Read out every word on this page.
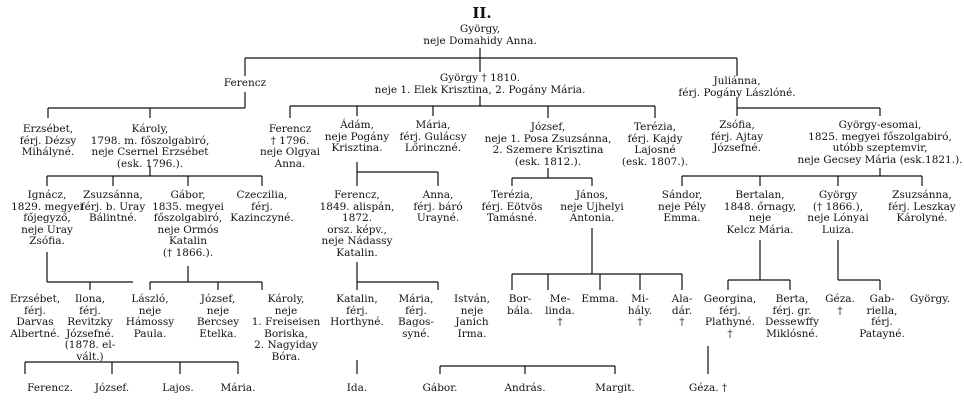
II.
György,
neje Domahidy Anna.
Ferencz	György † 1810.
neje 1. Elek Krisztina, 2. Pogány Mária.
Juliánna,
férj. Pogány Lászlóné.
Erzsébet,
férj. Dézsy
Mihályné.
Károly,
1798. m. főszolgabiró,
neje Csernel Erzsébet
(esk. 1796.).
Ferencz
† 1796.
neje Olgyai
Anna.
Ádám,
neje Pogány
Krisztina.
Mária,
férj. Gulácsy
Lőrinczné.
József,
neje 1. Posa Zsuzsánna,
2. Szemere Krisztina
(esk. 1812.).
Terézia,
férj. Kajdy
Lajosné
(esk. 1807.).
Zsófia,
férj. Ajtay
Józsefné.
György-esomai,
1825. megyei főszolgabiró,
utóbb szeptemvir,
neje Gecsey Mária (esk.1821.).
Ignácz,
1829. megyei
főjegyző,
neje Uray
Zsófia.
Zsuzsánna,
férj. b. Uray
Bálintné.
Gábor,
1835. megyei
főszolgabiró,
neje Ormós
Katalin
(† 1866.).
Czeczilia,
férj.
Kazinczyné.
Ferencz,
1849. alispán,
1872.
orsz. képv.,
neje Nádassy
Katalin.
Anna,
férj. báró
Urayné.
Terézia,
férj. Eötvös
Tamásné.
János,
neje Ujhelyi
Antonia.
Sándor,
neje Pély
Emma.
Bertalan,
1848. őrnagy,
neje
Kelcz Mária.
György
(† 1866.),
neje Lónyai
Luiza.
Zsuzsánna,
férj. Leszkay
Károlyné.
Erzsébet,
férj.
Darvas
Albertné.
Ilona,
férj.
Revitzky
Józsefné.
(1878. el-
vált.)
László,
neje
Hámossy
Paula.
József,
neje
Bercsey
Etelka.
Károly,
neje
1. Freiseisen
Boriska,
2. Nagyiday
Bóra.
Katalin,
férj.
Horthyné.
Mária,
férj.
Bagos-
syné.
István,
neje
Janich
Irma.
Bor-
bála.
Me-
linda.
†
Emma.	Mi-
hály.
†
Ala-
dár.
†
Georgina,
férj.
Plathyné.
†
Berta,
férj. gr.
Dessewffy
Miklósné.
Géza.
†
Gab-
riella,
férj.
Patayné.
György.
Ferencz. József.	Lajos.	Mária.	Ida.	Gábor.	András.	Margit.	Géza. †
